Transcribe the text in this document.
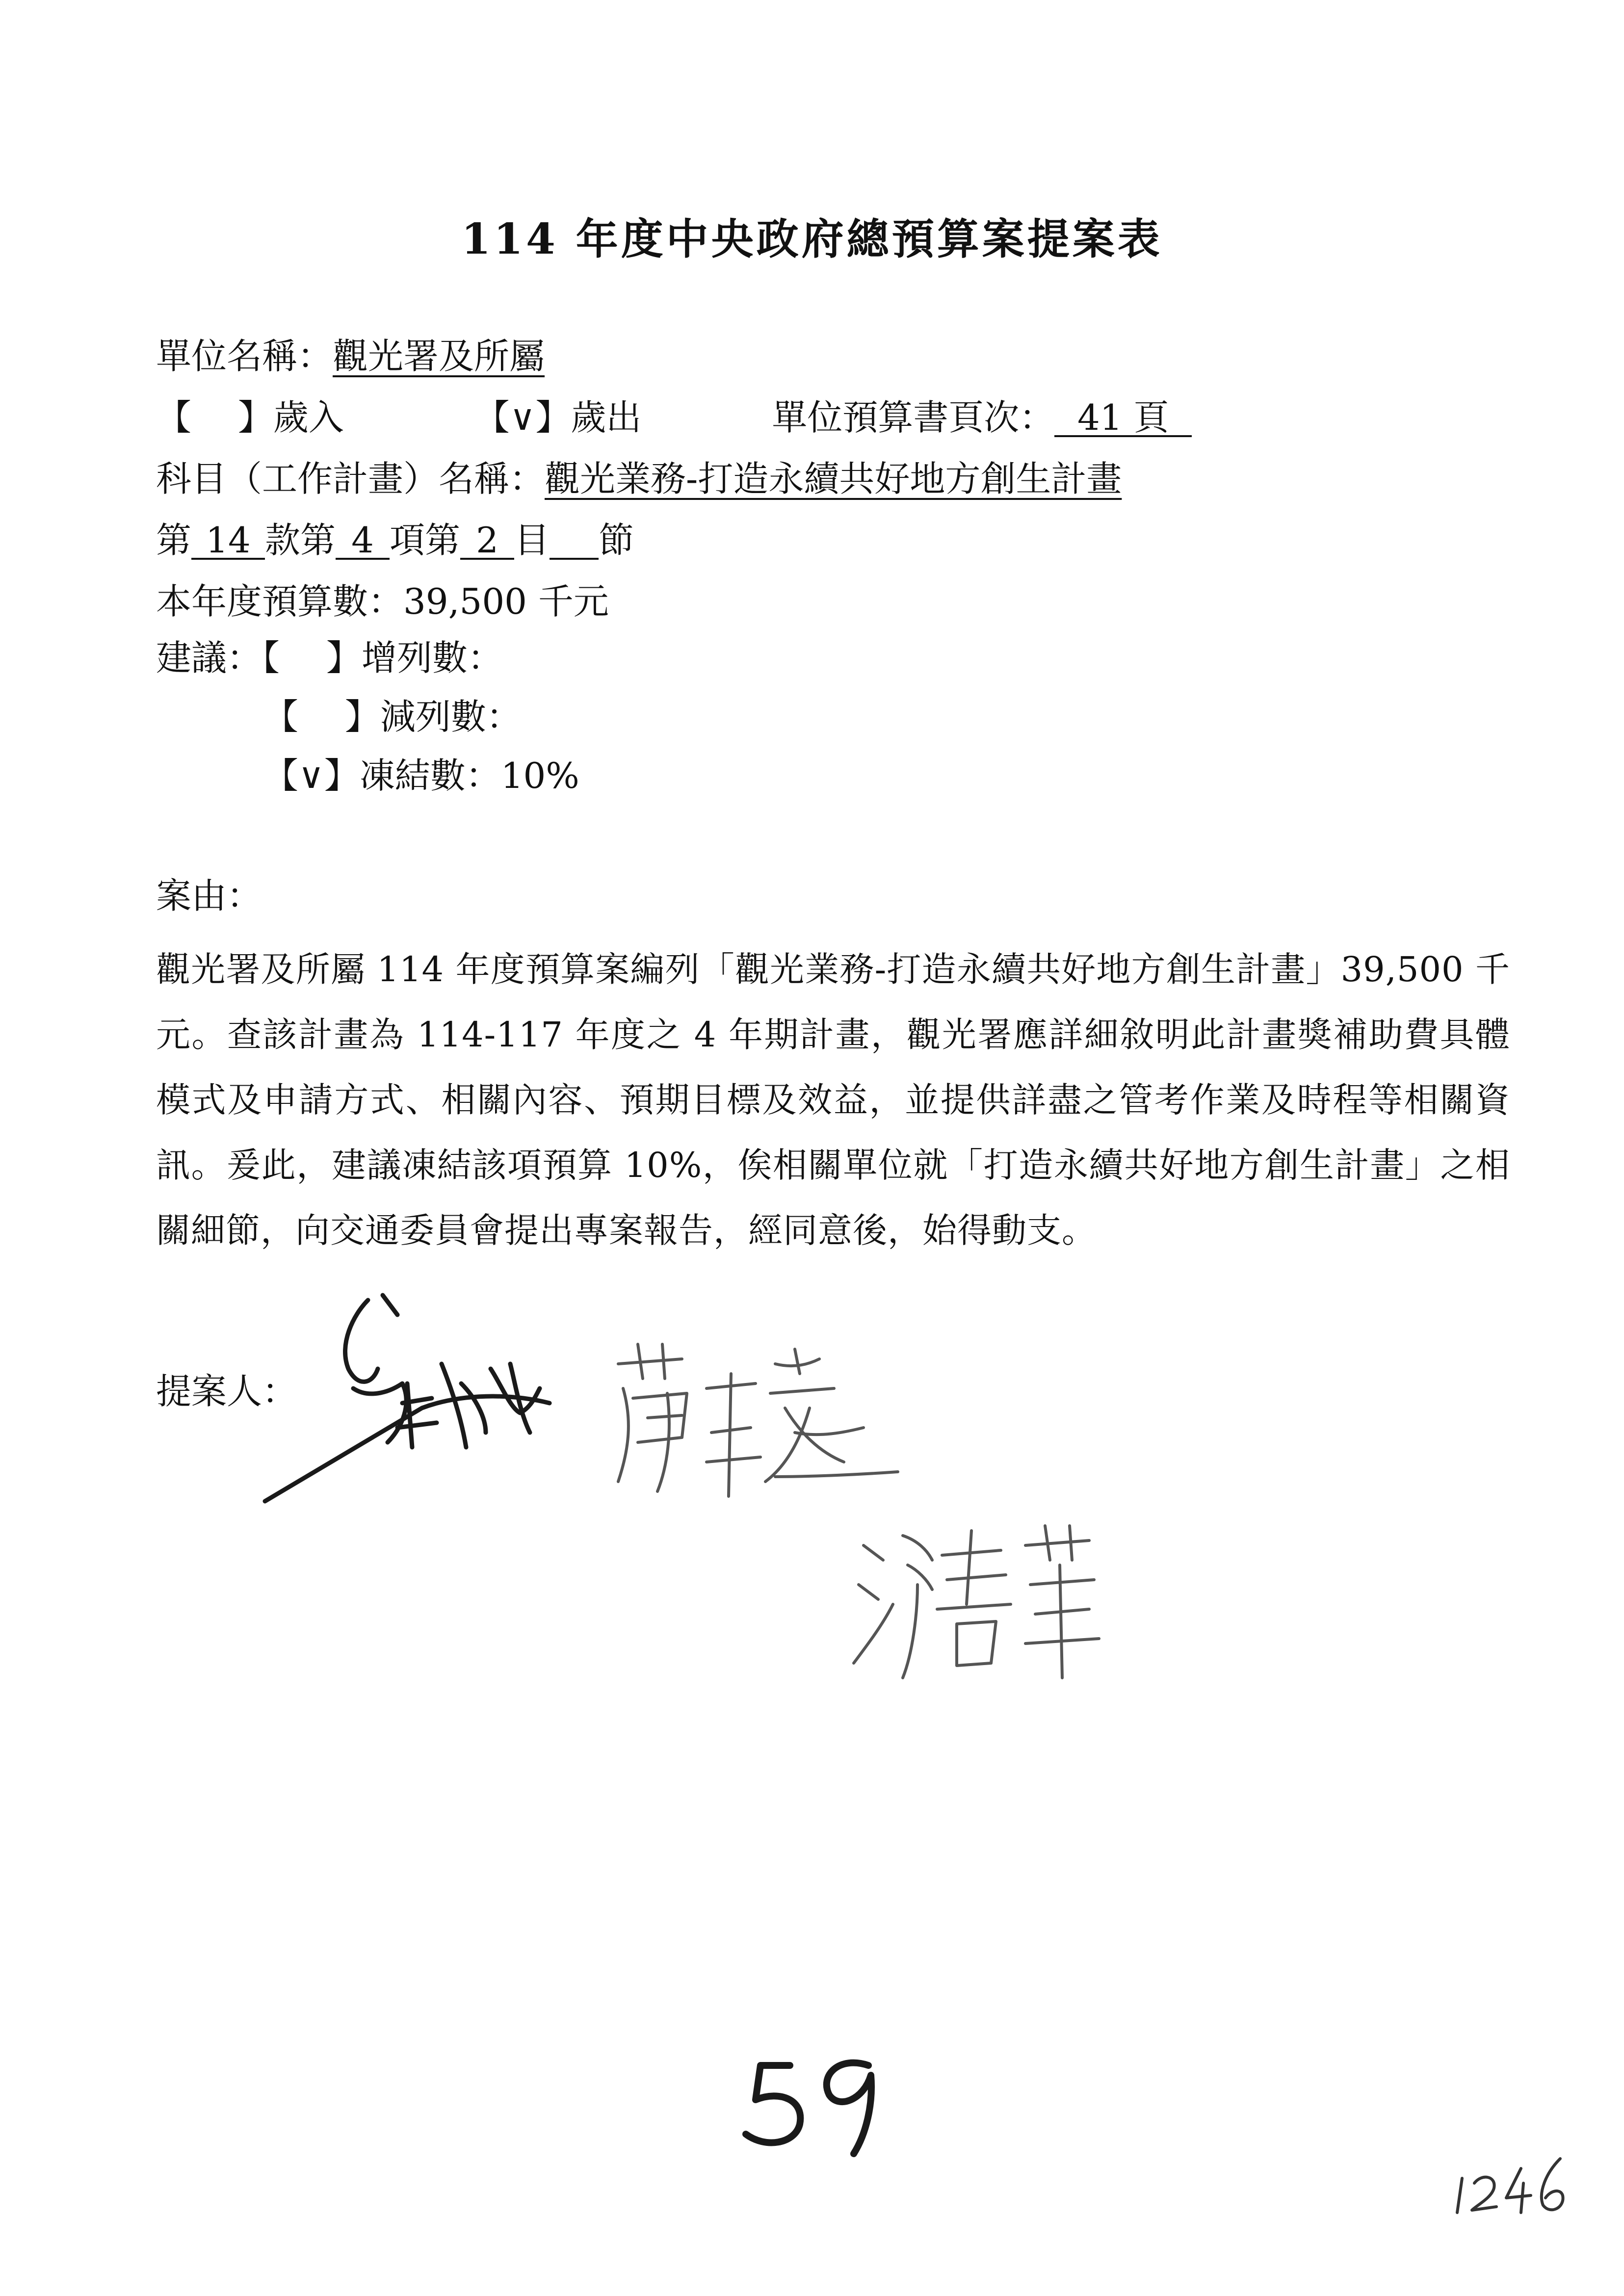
114 年度中央政府總預算案提案表
單位名稱：觀光署及所屬
【　 】歲入	【∨】歲出	單位預算書頁次： 41 頁
科目（工作計畫）名稱：觀光業務-打造永續共好地方創生計畫
第 14 款第 4 項第 2 目 節
本年度預算數：39,500 千元
建議：【　 】增列數：
【　 】減列數：
【∨】凍結數：10%
案由：
觀光署及所屬 114 年度預算案編列「觀光業務-打造永續共好地方創生計畫」39,500 千元。查該計畫為 114-117 年度之 4 年期計畫，觀光署應詳細敘明此計畫獎補助費具體模式及申請方式、相關內容、預期目標及效益，並提供詳盡之管考作業及時程等相關資訊。爰此，建議凍結該項預算 10%，俟相關單位就「打造永續共好地方創生計畫」之相關細節，向交通委員會提出專案報告，經同意後，始得動支。
提案人：
